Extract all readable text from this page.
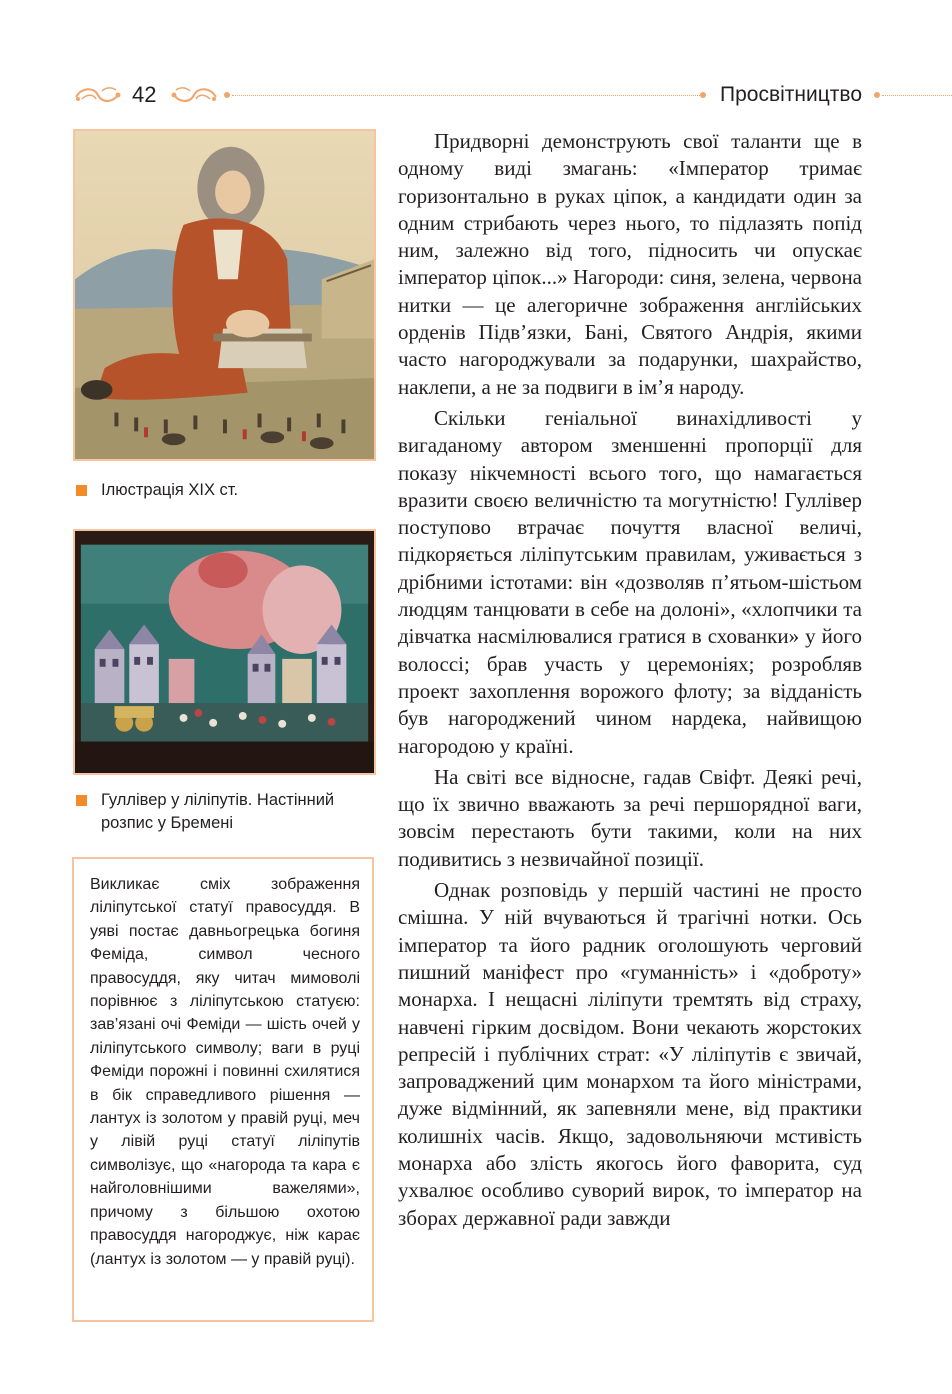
42	Просвітництво
Ілюстрація XIX ст.
Гуллівер у ліліпутів. Настінний розпис у Бремені
Викликає сміх зображення ліліпутської статуї правосуддя. В уяві постає давньогрецька богиня Феміда, символ чесного правосуддя, яку читач мимоволі порівнює з ліліпутською статуєю: зав’язані очі Феміди — шість очей у ліліпутського символу; ваги в руці Феміди порожні і повинні схилятися в бік справедливого рішення — лантух із золотом у правій руці, меч у лівій руці статуї ліліпутів символізує, що «нагорода та кара є найголовнішими важелями», причому з більшою охотою правосуддя нагороджує, ніж карає (лантух із золотом — у правій руці).

Придворні демонструють свої таланти ще в одному виді змагань: «Імператор тримає горизонтально в руках ціпок, а кандидати один за одним стрибають через нього, то підлазять попід ним, залежно від того, підносить чи опускає імператор ціпок...» Нагороди: синя, зелена, червона нитки — це алегоричне зображення англійських орденів Підв’язки, Бані, Святого Андрія, якими часто нагороджували за подарунки, шахрайство, наклепи, а не за подвиги в ім’я народу.

Скільки геніальної винахідливості у вигаданому автором зменшенні пропорції для показу нікчемності всього того, що намагається вразити своєю величністю та могутністю! Гуллівер поступово втрачає почуття власної величі, підкоряється ліліпутським правилам, уживається з дрібними істотами: він «дозволяв п’ятьом-шістьом людцям танцювати в себе на долоні», «хлопчики та дівчатка насмілювалися гратися в схованки» у його волоссі; брав участь у церемоніях; розробляв проект захоплення ворожого флоту; за відданість був нагороджений чином нардека, найвищою нагородою у країні.

На світі все відносне, гадав Свіфт. Деякі речі, що їх звично вважають за речі першорядної ваги, зовсім перестають бути такими, коли на них подивитись з незвичайної позиції.

Однак розповідь у першій частині не просто смішна. У ній вчуваються й трагічні нотки. Ось імператор та його радник оголошують черговий пишний маніфест про «гуманність» і «доброту» монарха. І нещасні ліліпути тремтять від страху, навчені гірким досвідом. Вони чекають жорстоких репресій і публічних страт: «У ліліпутів є звичай, запроваджений цим монархом та його міністрами, дуже відмінний, як запевняли мене, від практики колишніх часів. Якщо, задовольняючи мстивість монарха або злість якогось його фаворита, суд ухвалює особливо суворий вирок, то імператор на зборах державної ради завжди
